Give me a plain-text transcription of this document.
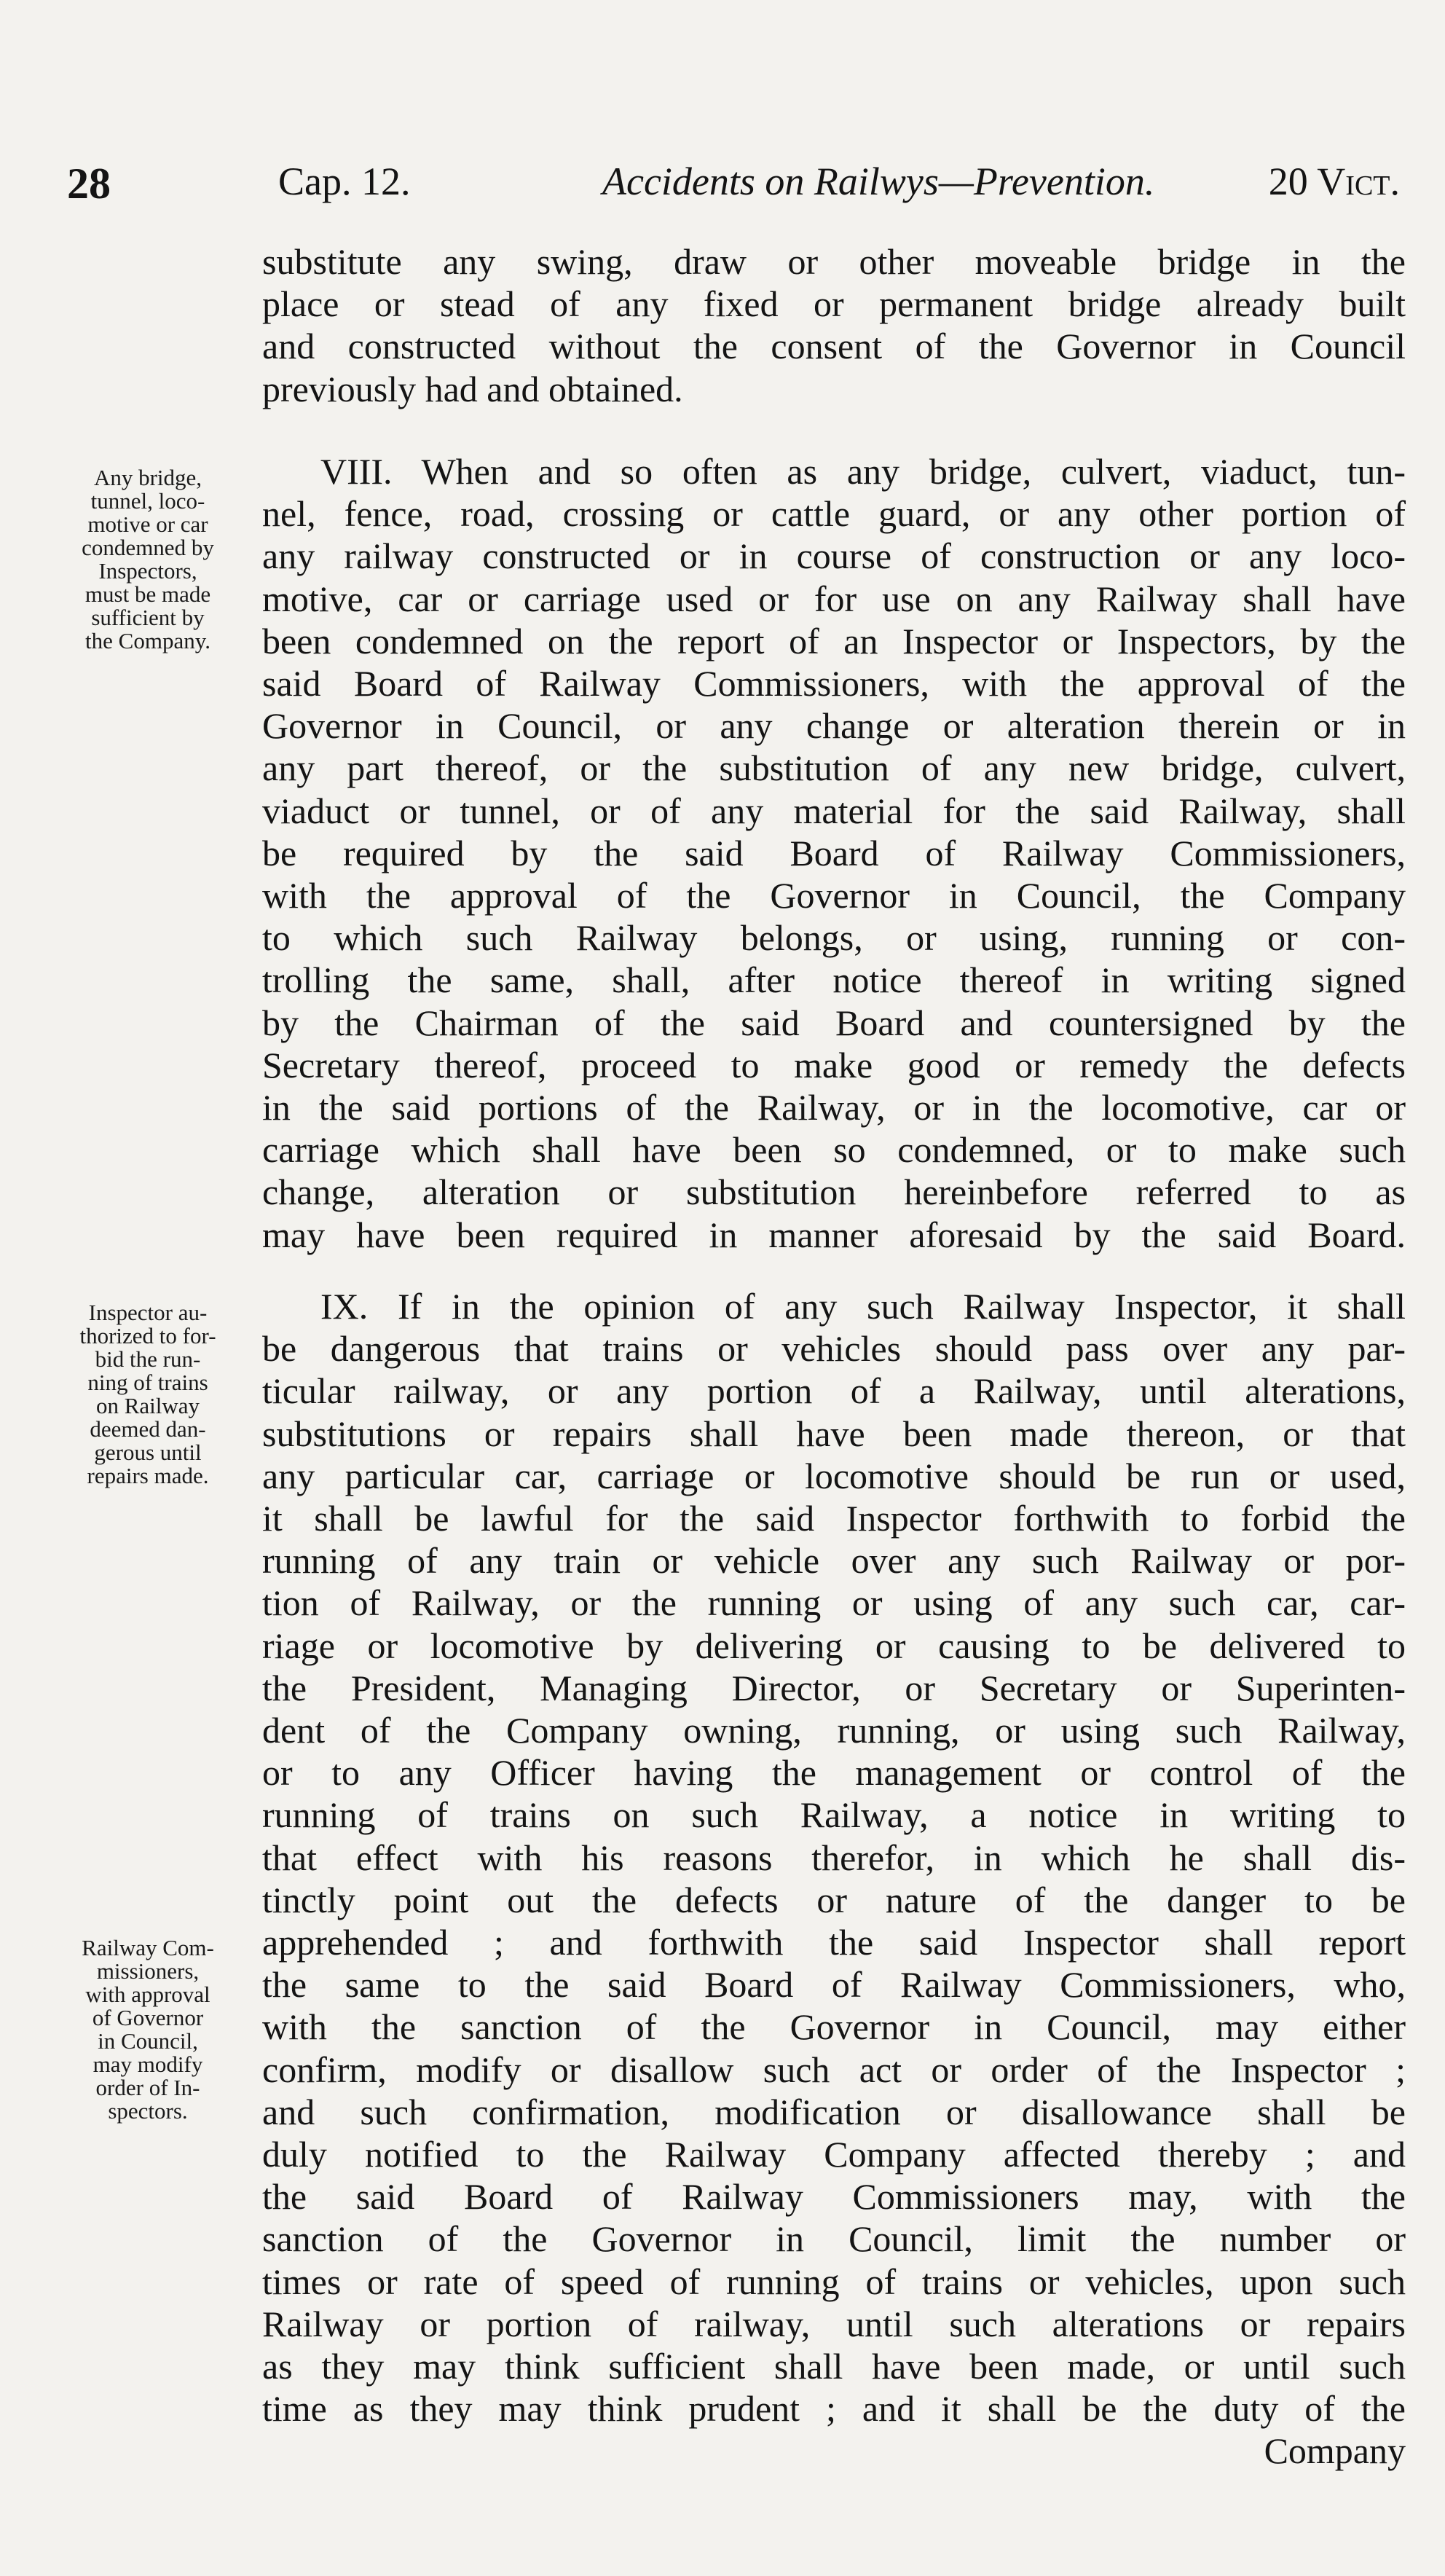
28	Cap. 12.	Accidents on Railwys—Prevention.	20 Vict.
Any bridge,
tunnel, loco-
motive or car
condemned by
Inspectors,
must be made
sufficient by
the Company.
Inspector au-
thorized to for-
bid the run-
ning of trains
on Railway
deemed dan-
gerous until
repairs made.
Railway Com-
missioners,
with approval
of Governor
in Council,
may modify
order of In-
spectors.

substitute any swing, draw or other moveable bridge in the
place or stead of any fixed or permanent bridge already built
and constructed without the consent of the Governor in Council
previously had and obtained.

VIII. When and so often as any bridge, culvert, viaduct, tun-
nel, fence, road, crossing or cattle guard, or any other portion of
any railway constructed or in course of construction or any loco-
motive, car or carriage used or for use on any Railway shall have
been condemned on the report of an Inspector or Inspectors, by the
said Board of Railway Commissioners, with the approval of the
Governor in Council, or any change or alteration therein or in
any part thereof, or the substitution of any new bridge, culvert,
viaduct or tunnel, or of any material for the said Railway, shall
be required by the said Board of Railway Commissioners,
with the approval of the Governor in Council, the Company
to which such Railway belongs, or using, running or con-
trolling the same, shall, after notice thereof in writing signed
by the Chairman of the said Board and countersigned by the
Secretary thereof, proceed to make good or remedy the defects
in the said portions of the Railway, or in the locomotive, car or
carriage which shall have been so condemned, or to make such
change, alteration or substitution hereinbefore referred to as
may have been required in manner aforesaid by the said Board.

IX. If in the opinion of any such Railway Inspector, it shall
be dangerous that trains or vehicles should pass over any par-
ticular railway, or any portion of a Railway, until alterations,
substitutions or repairs shall have been made thereon, or that
any particular car, carriage or locomotive should be run or used,
it shall be lawful for the said Inspector forthwith to forbid the
running of any train or vehicle over any such Railway or por-
tion of Railway, or the running or using of any such car, car-
riage or locomotive by delivering or causing to be delivered to
the President, Managing Director, or Secretary or Superinten-
dent of the Company owning, running, or using such Railway,
or to any Officer having the management or control of the
running of trains on such Railway, a notice in writing to
that effect with his reasons therefor, in which he shall dis-
tinctly point out the defects or nature of the danger to be
apprehended ; and forthwith the said Inspector shall report
the same to the said Board of Railway Commissioners, who,
with the sanction of the Governor in Council, may either
confirm, modify or disallow such act or order of the Inspector ;
and such confirmation, modification or disallowance shall be
duly notified to the Railway Company affected thereby ; and
the said Board of Railway Commissioners may, with the
sanction of the Governor in Council, limit the number or
times or rate of speed of running of trains or vehicles, upon such
Railway or portion of railway, until such alterations or repairs
as they may think sufficient shall have been made, or until such
time as they may think prudent ; and it shall be the duty of the
Company
